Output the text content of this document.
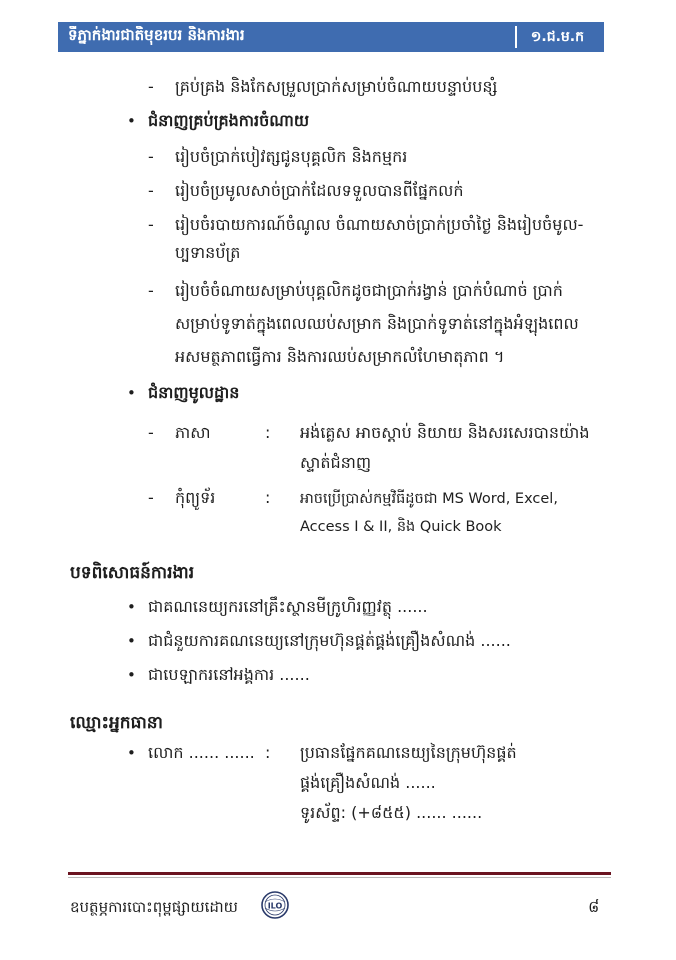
ទីភ្នាក់ងារជាតិមុខរបរ និងការងារ	១.ជ.ម.ក
- គ្រប់គ្រង និងកែសម្រួលប្រាក់សម្រាប់ចំណាយបន្ទាប់បន្សំ
• ជំនាញគ្រប់គ្រងការចំណាយ
- រៀបចំប្រាក់បៀវត្សជូនបុគ្គលិក និងកម្មករ
- រៀបចំប្រមូលសាច់ប្រាក់ដែលទទួលបានពីផ្នែកលក់
- រៀបចំរបាយការណ៍ចំណូល ចំណាយសាច់ប្រាក់ប្រចាំថ្ងៃ និងរៀបចំមូល-
ប្បទានប័ត្រ
- រៀបចំចំណាយសម្រាប់បុគ្គលិកដូចជាប្រាក់រង្វាន់ ប្រាក់បំណាច់ ប្រាក់
សម្រាប់ទូទាត់ក្នុងពេលឈប់សម្រាក និងប្រាក់ទូទាត់នៅក្នុងអំឡុងពេល
អសមត្ថភាពធ្វើការ និងការឈប់សម្រាកលំហែមាតុភាព ។
• ជំនាញមូលដ្ឋាន
- ភាសា	: អង់គ្លេស អាចស្តាប់ និយាយ និងសរសេរបានយ៉ាង
ស្ទាត់ជំនាញ
- កុំព្យូទ័រ	: អាចប្រើប្រាស់កម្មវិធីដូចជា MS Word, Excel,
Access I & II, និង Quick Book
បទពិសោធន៍ការងារ
• ជាគណនេយ្យករនៅគ្រឹះស្ថានមីក្រូហិរញ្ញវត្ថុ ......
• ជាជំនួយការគណនេយ្យនៅក្រុមហ៊ុនផ្គត់ផ្គង់គ្រឿងសំណង់ ......
• ជាបេឡាករនៅអង្គការ ......
ឈ្មោះអ្នកធានា
• លោក ...... ...... : ប្រធានផ្នែកគណនេយ្យនៃក្រុមហ៊ុនផ្គត់
ផ្គង់គ្រឿងសំណង់ ......
ទូរស័ព្ទ: (+៨៥៥) ...... ......
ឧបត្ថម្ភការបោះពុម្ពផ្សាយដោយ	ILO	៨
